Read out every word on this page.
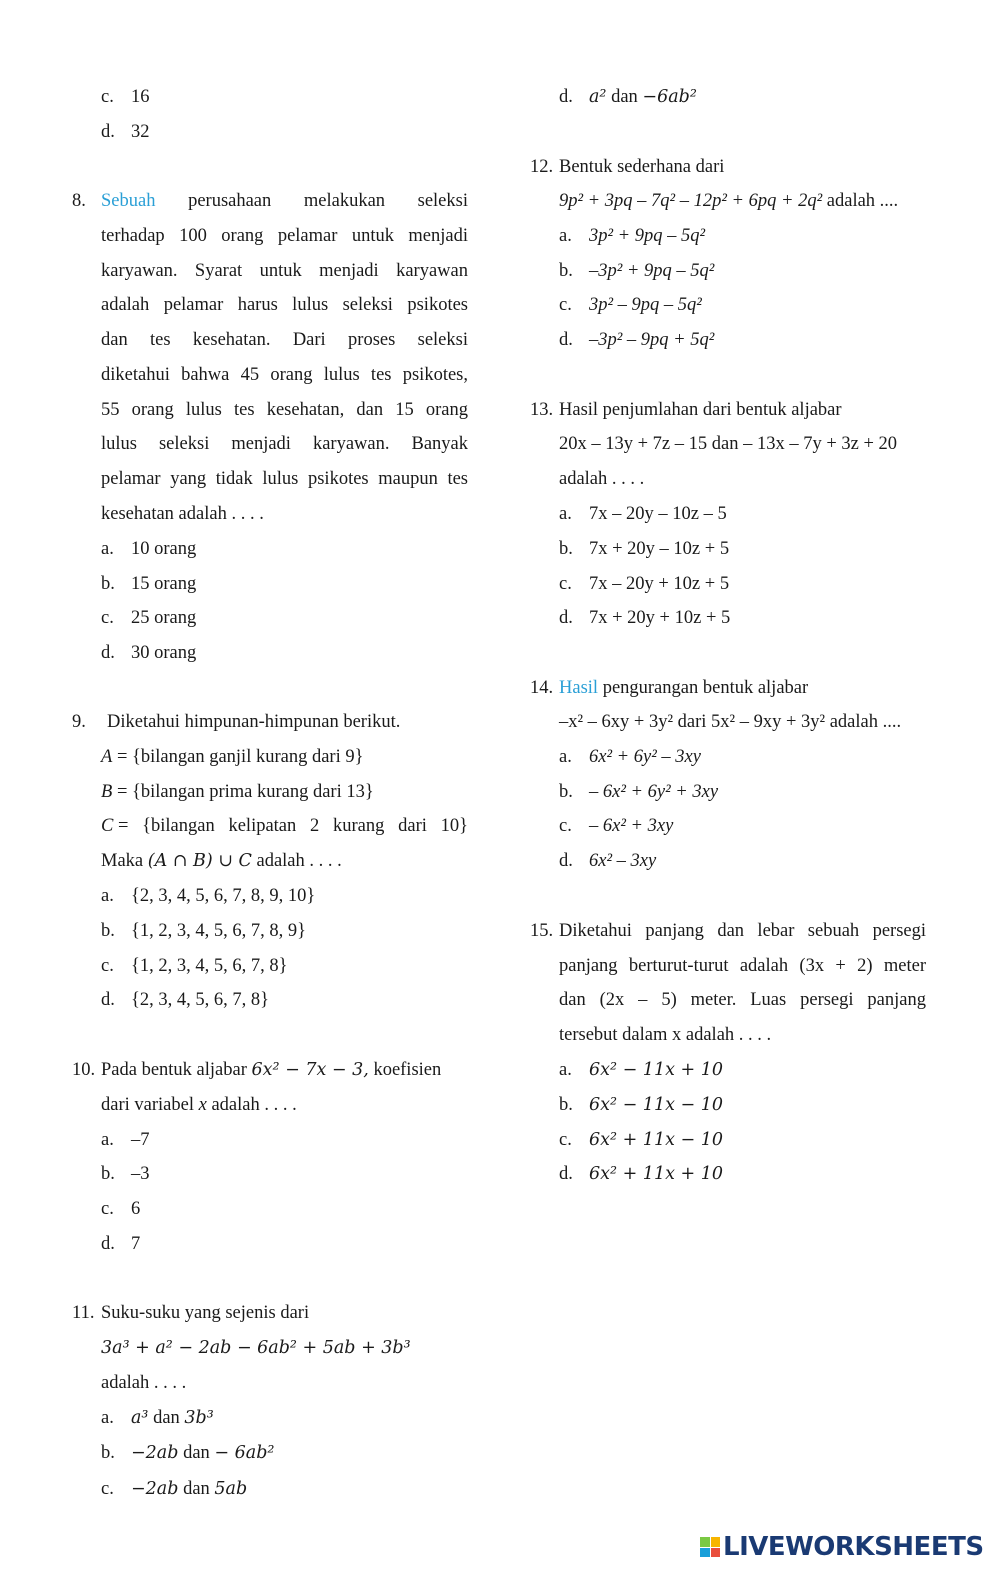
c. 16
d. 32
8. Sebuah perusahaan melakukan seleksi
terhadap 100 orang pelamar untuk menjadi
karyawan. Syarat untuk menjadi karyawan
adalah pelamar harus lulus seleksi psikotes
dan tes kesehatan. Dari proses seleksi
diketahui bahwa 45 orang lulus tes psikotes,
55 orang lulus tes kesehatan, dan 15 orang
lulus seleksi menjadi karyawan. Banyak
pelamar yang tidak lulus psikotes maupun tes
kesehatan adalah . . . .
a. 10 orang
b. 15 orang
c. 25 orang
d. 30 orang
9. Diketahui himpunan-himpunan berikut.
A = {bilangan ganjil kurang dari 9}
B = {bilangan prima kurang dari 13}
C = {bilangan kelipatan 2 kurang dari 10}
Maka (A ∩ B) ∪ C adalah . . . .
a. {2, 3, 4, 5, 6, 7, 8, 9, 10}
b. {1, 2, 3, 4, 5, 6, 7, 8, 9}
c. {1, 2, 3, 4, 5, 6, 7, 8}
d. {2, 3, 4, 5, 6, 7, 8}
10. Pada bentuk aljabar 6x² − 7x − 3, koefisien
dari variabel x adalah . . . .
a. –7
b. –3
c. 6
d. 7
11. Suku-suku yang sejenis dari
3a³ + a² − 2ab − 6ab² + 5ab + 3b³
adalah . . . .
a. a³ dan 3b³
b. −2ab dan − 6ab²
c. −2ab dan 5ab
d. a² dan −6ab²
12. Bentuk sederhana dari
9p² + 3pq – 7q² – 12p² + 6pq + 2q² adalah ....
a. 3p² + 9pq – 5q²
b. –3p² + 9pq – 5q²
c. 3p² – 9pq – 5q²
d. –3p² – 9pq + 5q²
13. Hasil penjumlahan dari bentuk aljabar
20x – 13y + 7z – 15 dan – 13x – 7y + 3z + 20
adalah . . . .
a. 7x – 20y – 10z – 5
b. 7x + 20y – 10z + 5
c. 7x – 20y + 10z + 5
d. 7x + 20y + 10z + 5
14. Hasil pengurangan bentuk aljabar
–x² – 6xy + 3y² dari 5x² – 9xy + 3y² adalah ....
a. 6x² + 6y² – 3xy
b. – 6x² + 6y² + 3xy
c. – 6x² + 3xy
d. 6x² – 3xy
15. Diketahui panjang dan lebar sebuah persegi
panjang berturut-turut adalah (3x + 2) meter
dan (2x – 5) meter. Luas persegi panjang
tersebut dalam x adalah . . . .
a. 6x² − 11x + 10
b. 6x² − 11x − 10
c. 6x² + 11x − 10
d. 6x² + 11x + 10
LIVEWORKSHEETS
